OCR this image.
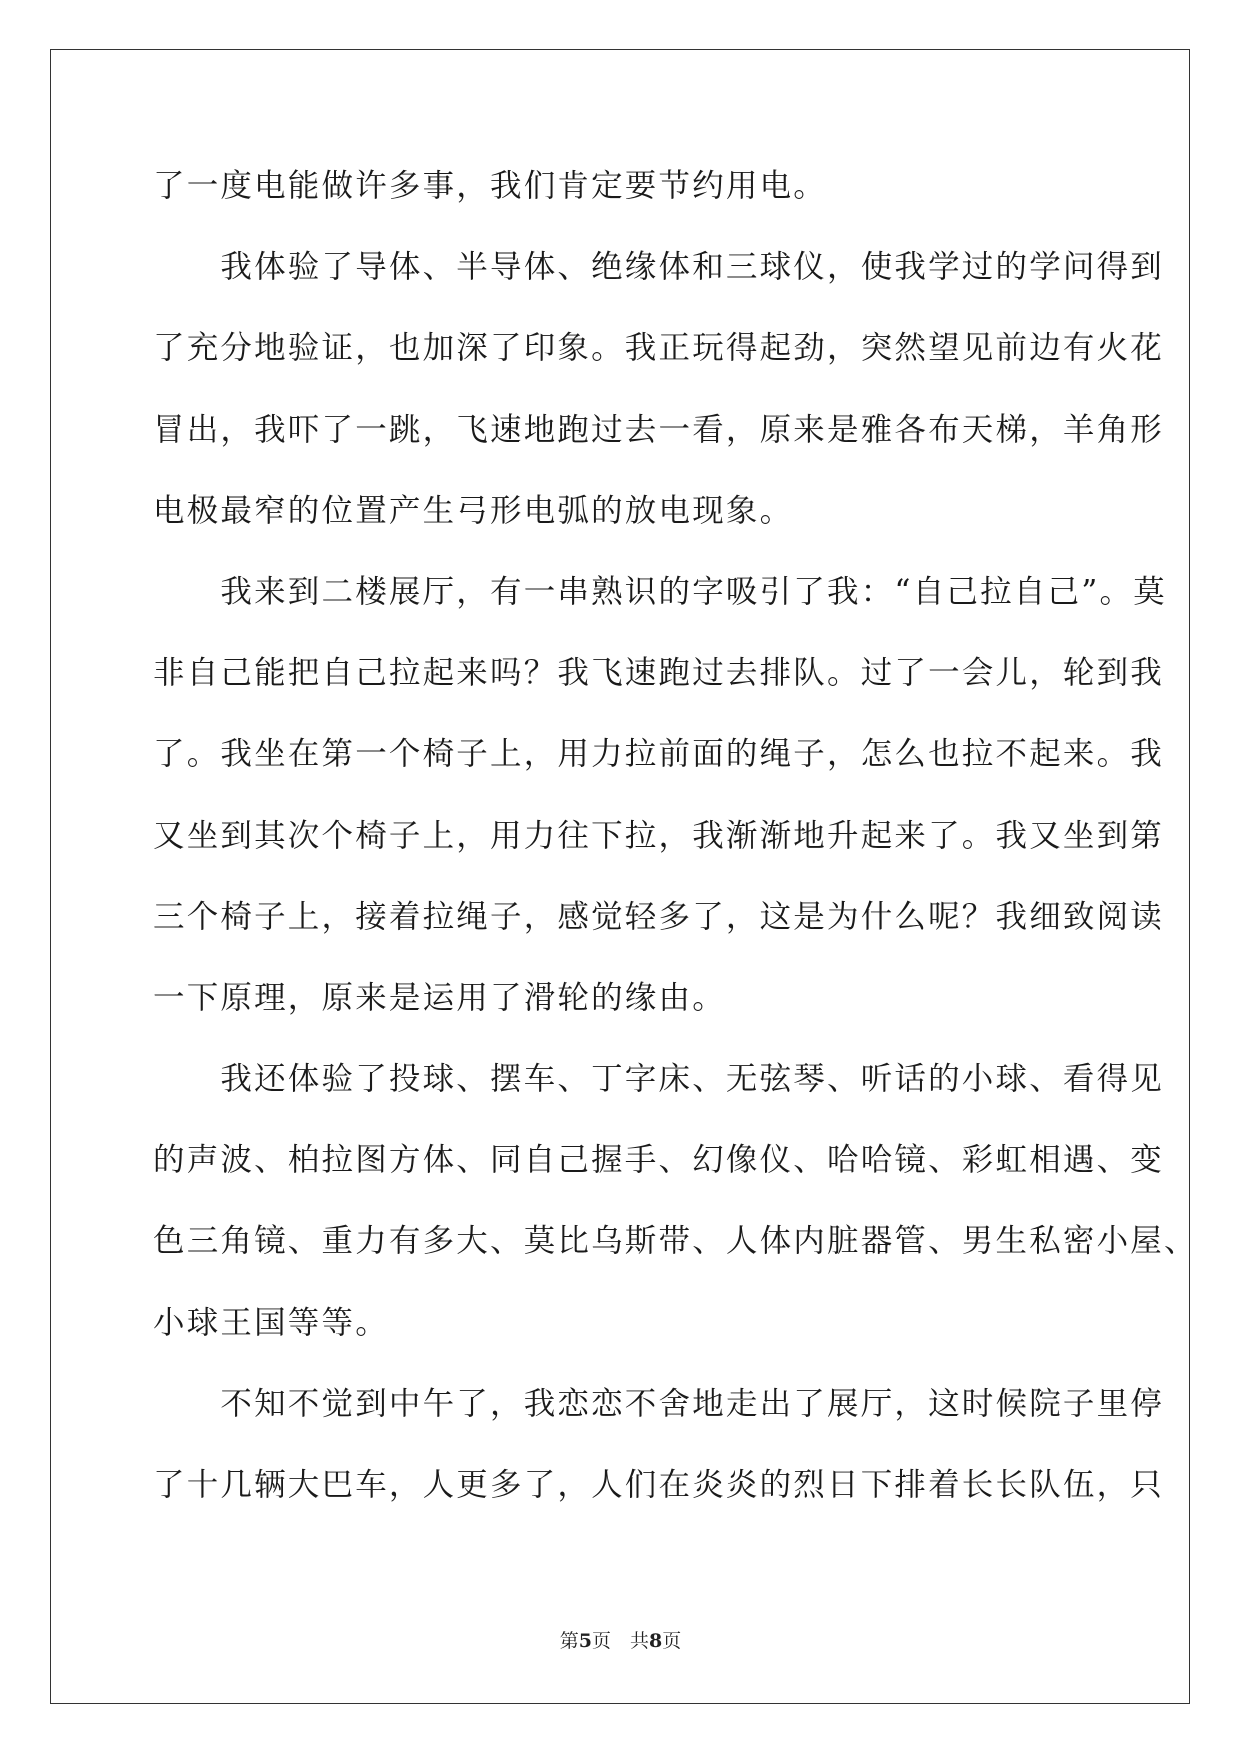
了一度电能做许多事，我们肯定要节约用电。
　　我体验了导体、半导体、绝缘体和三球仪，使我学过的学问得到
了充分地验证，也加深了印象。我正玩得起劲，突然望见前边有火花
冒出，我吓了一跳，飞速地跑过去一看，原来是雅各布天梯，羊角形
电极最窄的位置产生弓形电弧的放电现象。
　　我来到二楼展厅，有一串熟识的字吸引了我：“自己拉自己”。莫
非自己能把自己拉起来吗？我飞速跑过去排队。过了一会儿，轮到我
了。我坐在第一个椅子上，用力拉前面的绳子，怎么也拉不起来。我
又坐到其次个椅子上，用力往下拉，我渐渐地升起来了。我又坐到第
三个椅子上，接着拉绳子，感觉轻多了，这是为什么呢？我细致阅读
一下原理，原来是运用了滑轮的缘由。
　　我还体验了投球、摆车、丁字床、无弦琴、听话的小球、看得见
的声波、柏拉图方体、同自己握手、幻像仪、哈哈镜、彩虹相遇、变
色三角镜、重力有多大、莫比乌斯带、人体内脏器管、男生私密小屋、
小球王国等等。
　　不知不觉到中午了，我恋恋不舍地走出了展厅，这时候院子里停
了十几辆大巴车，人更多了，人们在炎炎的烈日下排着长长队伍，只
第5页　共8页
